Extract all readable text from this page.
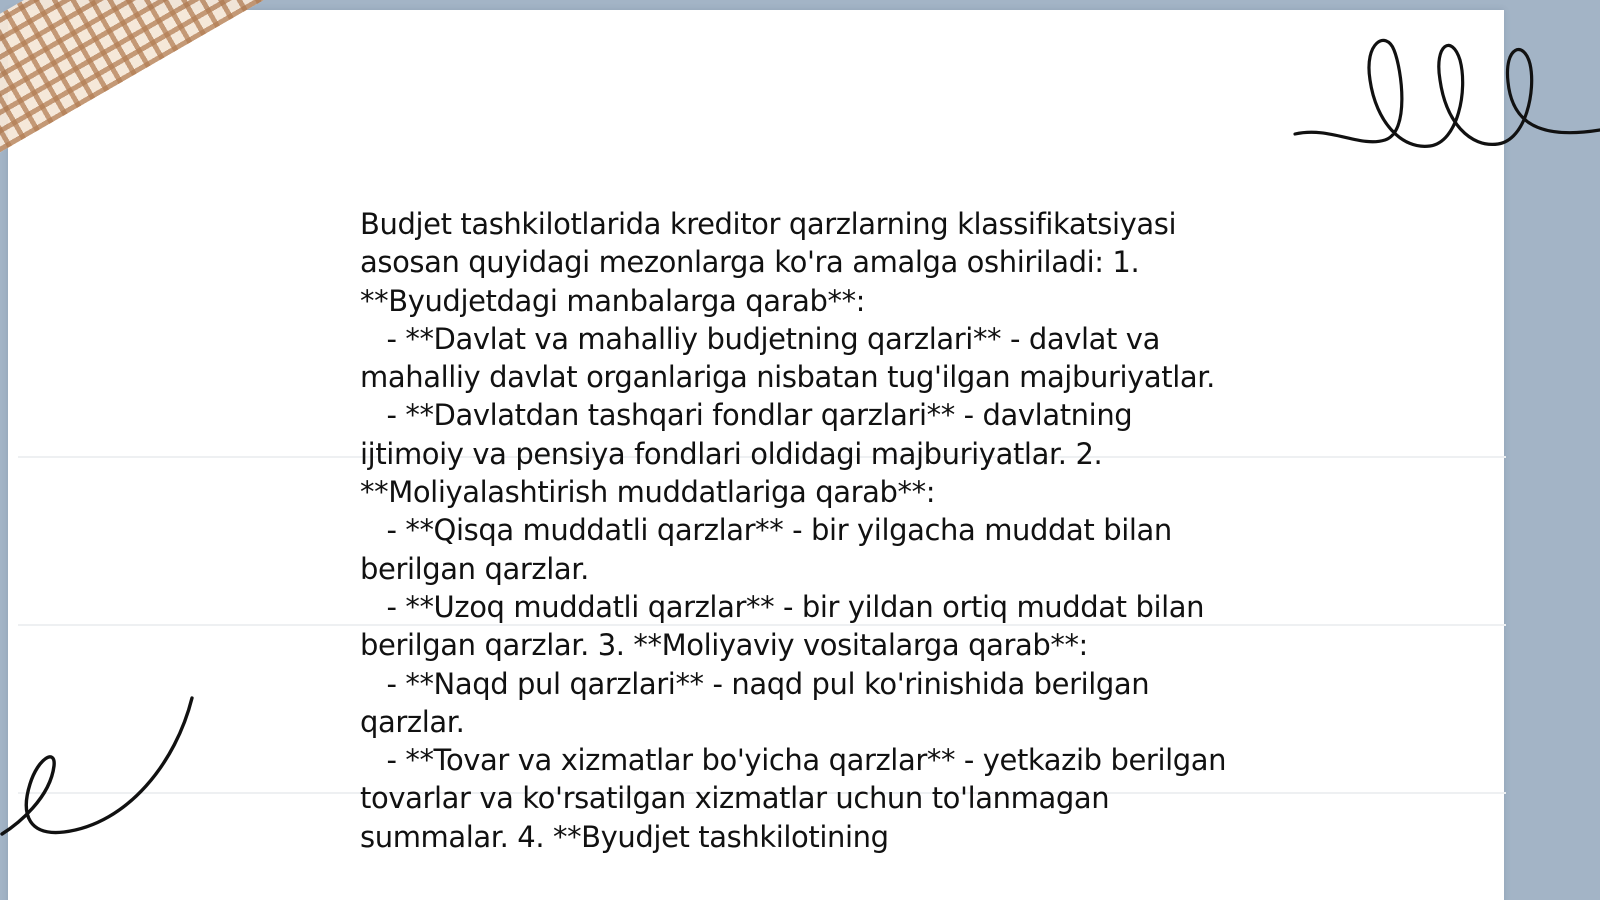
Budjet tashkilotlarida kreditor qarzlarning klassifikatsiyasi asosan quyidagi mezonlarga ko'ra amalga oshiriladi: 1. **Byudjetdagi manbalarga qarab**:
- **Davlat va mahalliy budjetning qarzlari** - davlat va mahalliy davlat organlariga nisbatan tug'ilgan majburiyatlar.
- **Davlatdan tashqari fondlar qarzlari** - davlatning ijtimoiy va pensiya fondlari oldidagi majburiyatlar. 2. **Moliyalashtirish muddatlariga qarab**:
- **Qisqa muddatli qarzlar** - bir yilgacha muddat bilan berilgan qarzlar.
- **Uzoq muddatli qarzlar** - bir yildan ortiq muddat bilan berilgan qarzlar. 3. **Moliyaviy vositalarga qarab**:
- **Naqd pul qarzlari** - naqd pul ko'rinishida berilgan qarzlar.
- **Tovar va xizmatlar bo'yicha qarzlar** - yetkazib berilgan tovarlar va ko'rsatilgan xizmatlar uchun to'lanmagan summalar. 4. **Byudjet tashkilotining
